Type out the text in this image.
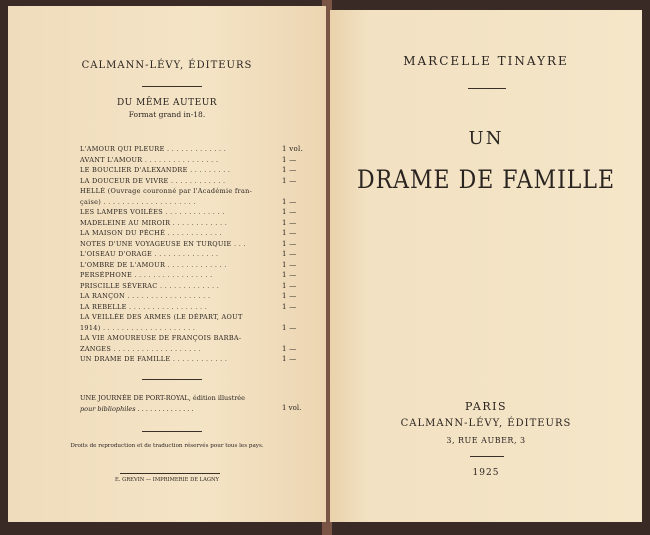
CALMANN-LÉVY, ÉDITEURS
DU MÊME AUTEUR
Format grand in-18.
L'AMOUR QUI PLEURE . . . . . . . . . . . . .	1 vol.
AVANT L'AMOUR . . . . . . . . . . . . . . . .	1 —
LE BOUCLIER D'ALEXANDRE . . . . . . . . .	1 —
LA DOUCEUR DE VIVRE . . . . . . . . . . . .	1 —
HELLÉ (Ouvrage couronné par l'Académie fran-
çaise) . . . . . . . . . . . . . . . . . . . .	1 —
LES LAMPES VOILÉES . . . . . . . . . . . . .	1 —
MADELEINE AU MIROIR . . . . . . . . . . . .	1 —
LA MAISON DU PÉCHÉ . . . . . . . . . . . .	1 —
NOTES D'UNE VOYAGEUSE EN TURQUIE . . .	1 —
L'OISEAU D'ORAGE . . . . . . . . . . . . . .	1 —
L'OMBRE DE L'AMOUR . . . . . . . . . . . . .	1 —
PERSÉPHONE . . . . . . . . . . . . . . . . .	1 —
PRISCILLE SÉVERAC . . . . . . . . . . . . .	1 —
LA RANÇON . . . . . . . . . . . . . . . . . .	1 —
LA REBELLE . . . . . . . . . . . . . . . . .	1 —
LA VEILLÉE DES ARMES (LE DÉPART, AOUT
1914) . . . . . . . . . . . . . . . . . . . .	1 —
LA VIE AMOUREUSE DE FRANÇOIS BARBA-
ZANGES . . . . . . . . . . . . . . . . . . .	1 —
UN DRAME DE FAMILLE . . . . . . . . . . . .	1 —
UNE JOURNÉE DE PORT-ROYAL, édition illustrée
pour bibliophiles . . . . . . . . . . . . . .	1 vol.
Droits de reproduction et de traduction réservés pour tous les pays.
E. GREVIN — IMPRIMERIE DE LAGNY
MARCELLE TINAYRE
UN
DRAME DE FAMILLE
PARIS
CALMANN-LÉVY, ÉDITEURS
3, RUE AUBER, 3
1925
